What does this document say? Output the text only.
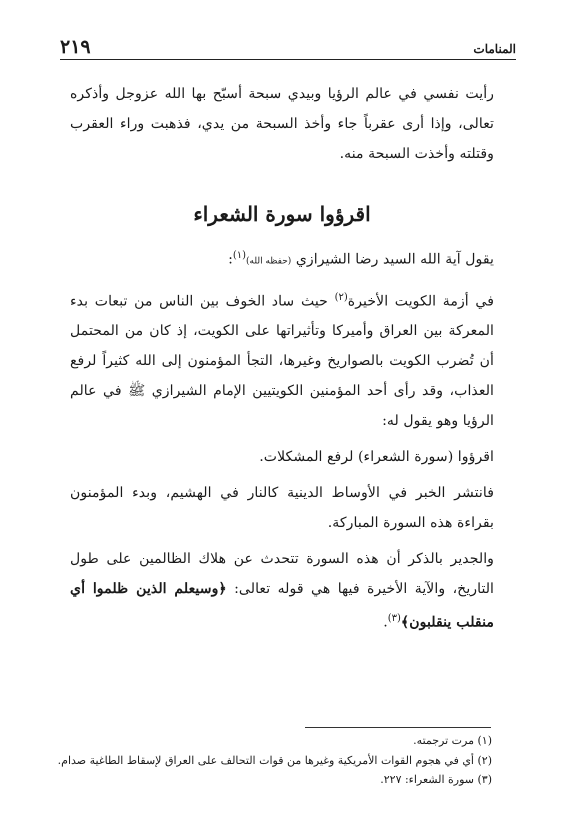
٢١٩	المنامات

رأيت نفسي في عالم الرؤيا وبيدي سبحة أسبّح بها الله عزوجل وأذكره تعالى، وإذا أرى عقرباً جاء وأخذ السبحة من يدي، فذهبت وراء العقرب وقتلته وأخذت السبحة منه.

اقرؤوا سورة الشعراء

يقول آية الله السيد رضا الشيرازي (حفظه الله)$^{(١)}$:

في أزمة الكويت الأخيرة$^{(٢)}$ حيث ساد الخوف بين الناس من تبعات بدء المعركة بين العراق وأميركا وتأثيراتها على الكويت، إذ كان من المحتمل أن تُضرب الكويت بالصواريخ وغيرها، التجأ المؤمنون إلى الله كثيراً لرفع العذاب، وقد رأى أحد المؤمنين الكويتيين الإمام الشيرازي ﷺ في عالم الرؤيا وهو يقول له:

اقرؤوا (سورة الشعراء) لرفع المشكلات.

فانتشر الخبر في الأوساط الدينية كالنار في الهشيم، وبدء المؤمنون بقراءة هذه السورة المباركة.

والجدير بالذكر أن هذه السورة تتحدث عن هلاك الظالمين على طول التاريخ، والآية الأخيرة فيها هي قوله تعالى: ﴿وسيعلم الذين ظلموا أي منقلب ينقلبون﴾$^{(٣)}$.

(١) مرت ترجمته.
(٢) أي في هجوم القوات الأمريكية وغيرها من قوات التحالف على العراق لإسقاط الطاغية صدام.
(٣) سورة الشعراء: ٢٢٧.
